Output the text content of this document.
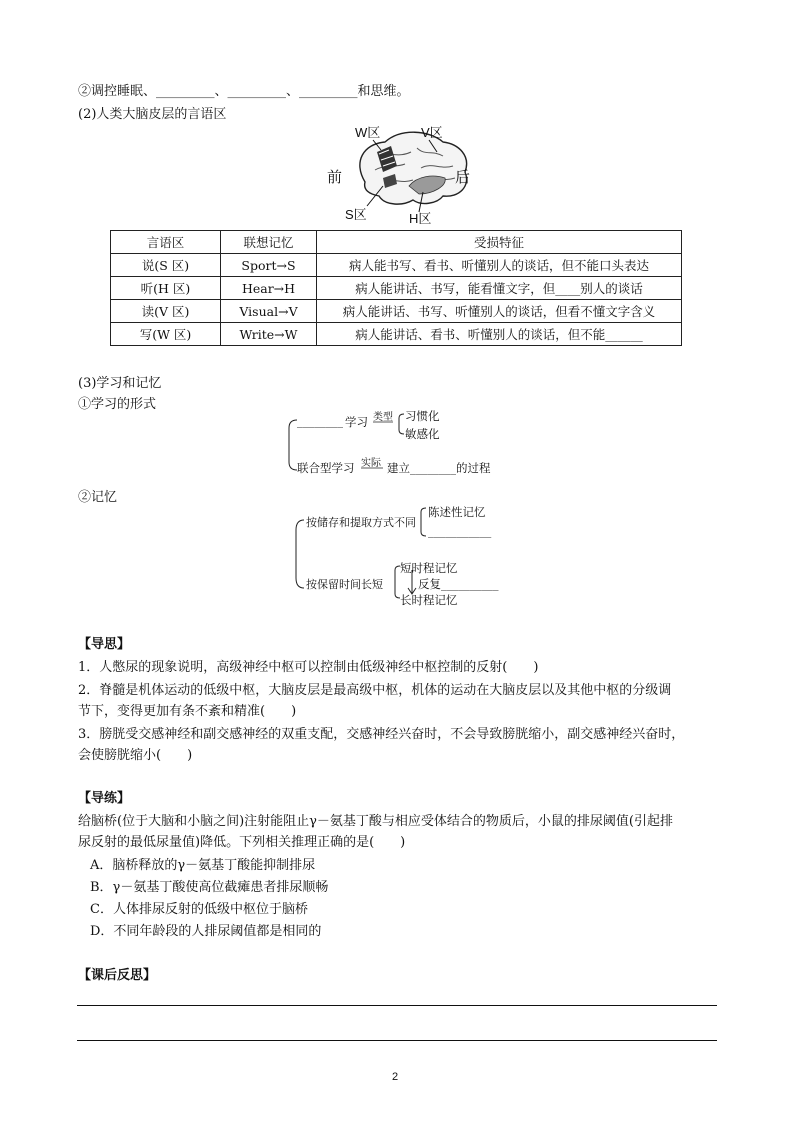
②调控睡眠、_________、_________、_________和思维。
(2)人类大脑皮层的言语区
W区	V区
前	后
S区	H区
言语区	联想记忆	受损特征
说(S 区)	Sport→S	病人能书写、看书、听懂别人的谈话，但不能口头表达
听(H 区)	Hear→H	病人能讲话、书写，能看懂文字，但____别人的谈话
读(V 区)	Visual→V	病人能讲话、书写、听懂别人的谈话，但看不懂文字含义
写(W 区)	Write→W	病人能讲话、看书、听懂别人的谈话，但不能______
(3)学习和记忆
①学习的形式
________ 学习 类型 习惯化
敏感化
联合型学习 实际 建立________的过程
②记忆
按储存和提取方式不同
陈述性记忆
___________
按保留时间长短
短时程记忆
反复__________
长时程记忆
【导思】
1．人憋尿的现象说明，高级神经中枢可以控制由低级神经中枢控制的反射(　　)
2．脊髓是机体运动的低级中枢，大脑皮层是最高级中枢，机体的运动在大脑皮层以及其他中枢的分级调
节下，变得更加有条不紊和精准(　　)
3．膀胱受交感神经和副交感神经的双重支配，交感神经兴奋时，不会导致膀胱缩小，副交感神经兴奋时，
会使膀胱缩小(　　)
【导练】
给脑桥(位于大脑和小脑之间)注射能阻止γ－氨基丁酸与相应受体结合的物质后，小鼠的排尿阈值(引起排
尿反射的最低尿量值)降低。下列相关推理正确的是(　　)
A．脑桥释放的γ－氨基丁酸能抑制排尿
B．γ－氨基丁酸使高位截瘫患者排尿顺畅
C．人体排尿反射的低级中枢位于脑桥
D．不同年龄段的人排尿阈值都是相同的
【课后反思】
2
